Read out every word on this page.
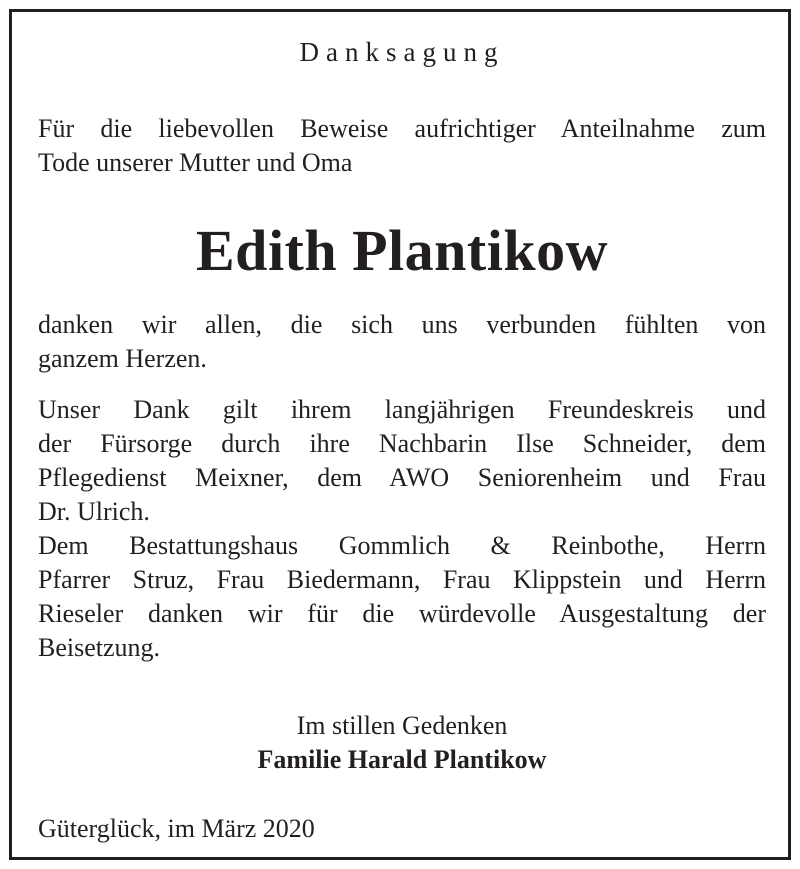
Danksagung
Für die liebevollen Beweise aufrichtiger Anteilnahme zum
Tode unserer Mutter und Oma
Edith Plantikow
danken wir allen, die sich uns verbunden fühlten von
ganzem Herzen.
Unser Dank gilt ihrem langjährigen Freundeskreis und
der Fürsorge durch ihre Nachbarin Ilse Schneider, dem
Pflegedienst Meixner, dem AWO Seniorenheim und Frau
Dr. Ulrich.
Dem Bestattungshaus Gommlich & Reinbothe, Herrn
Pfarrer Struz, Frau Biedermann, Frau Klippstein und Herrn
Rieseler danken wir für die würdevolle Ausgestaltung der
Beisetzung.
Im stillen Gedenken
Familie Harald Plantikow
Güterglück, im März 2020
